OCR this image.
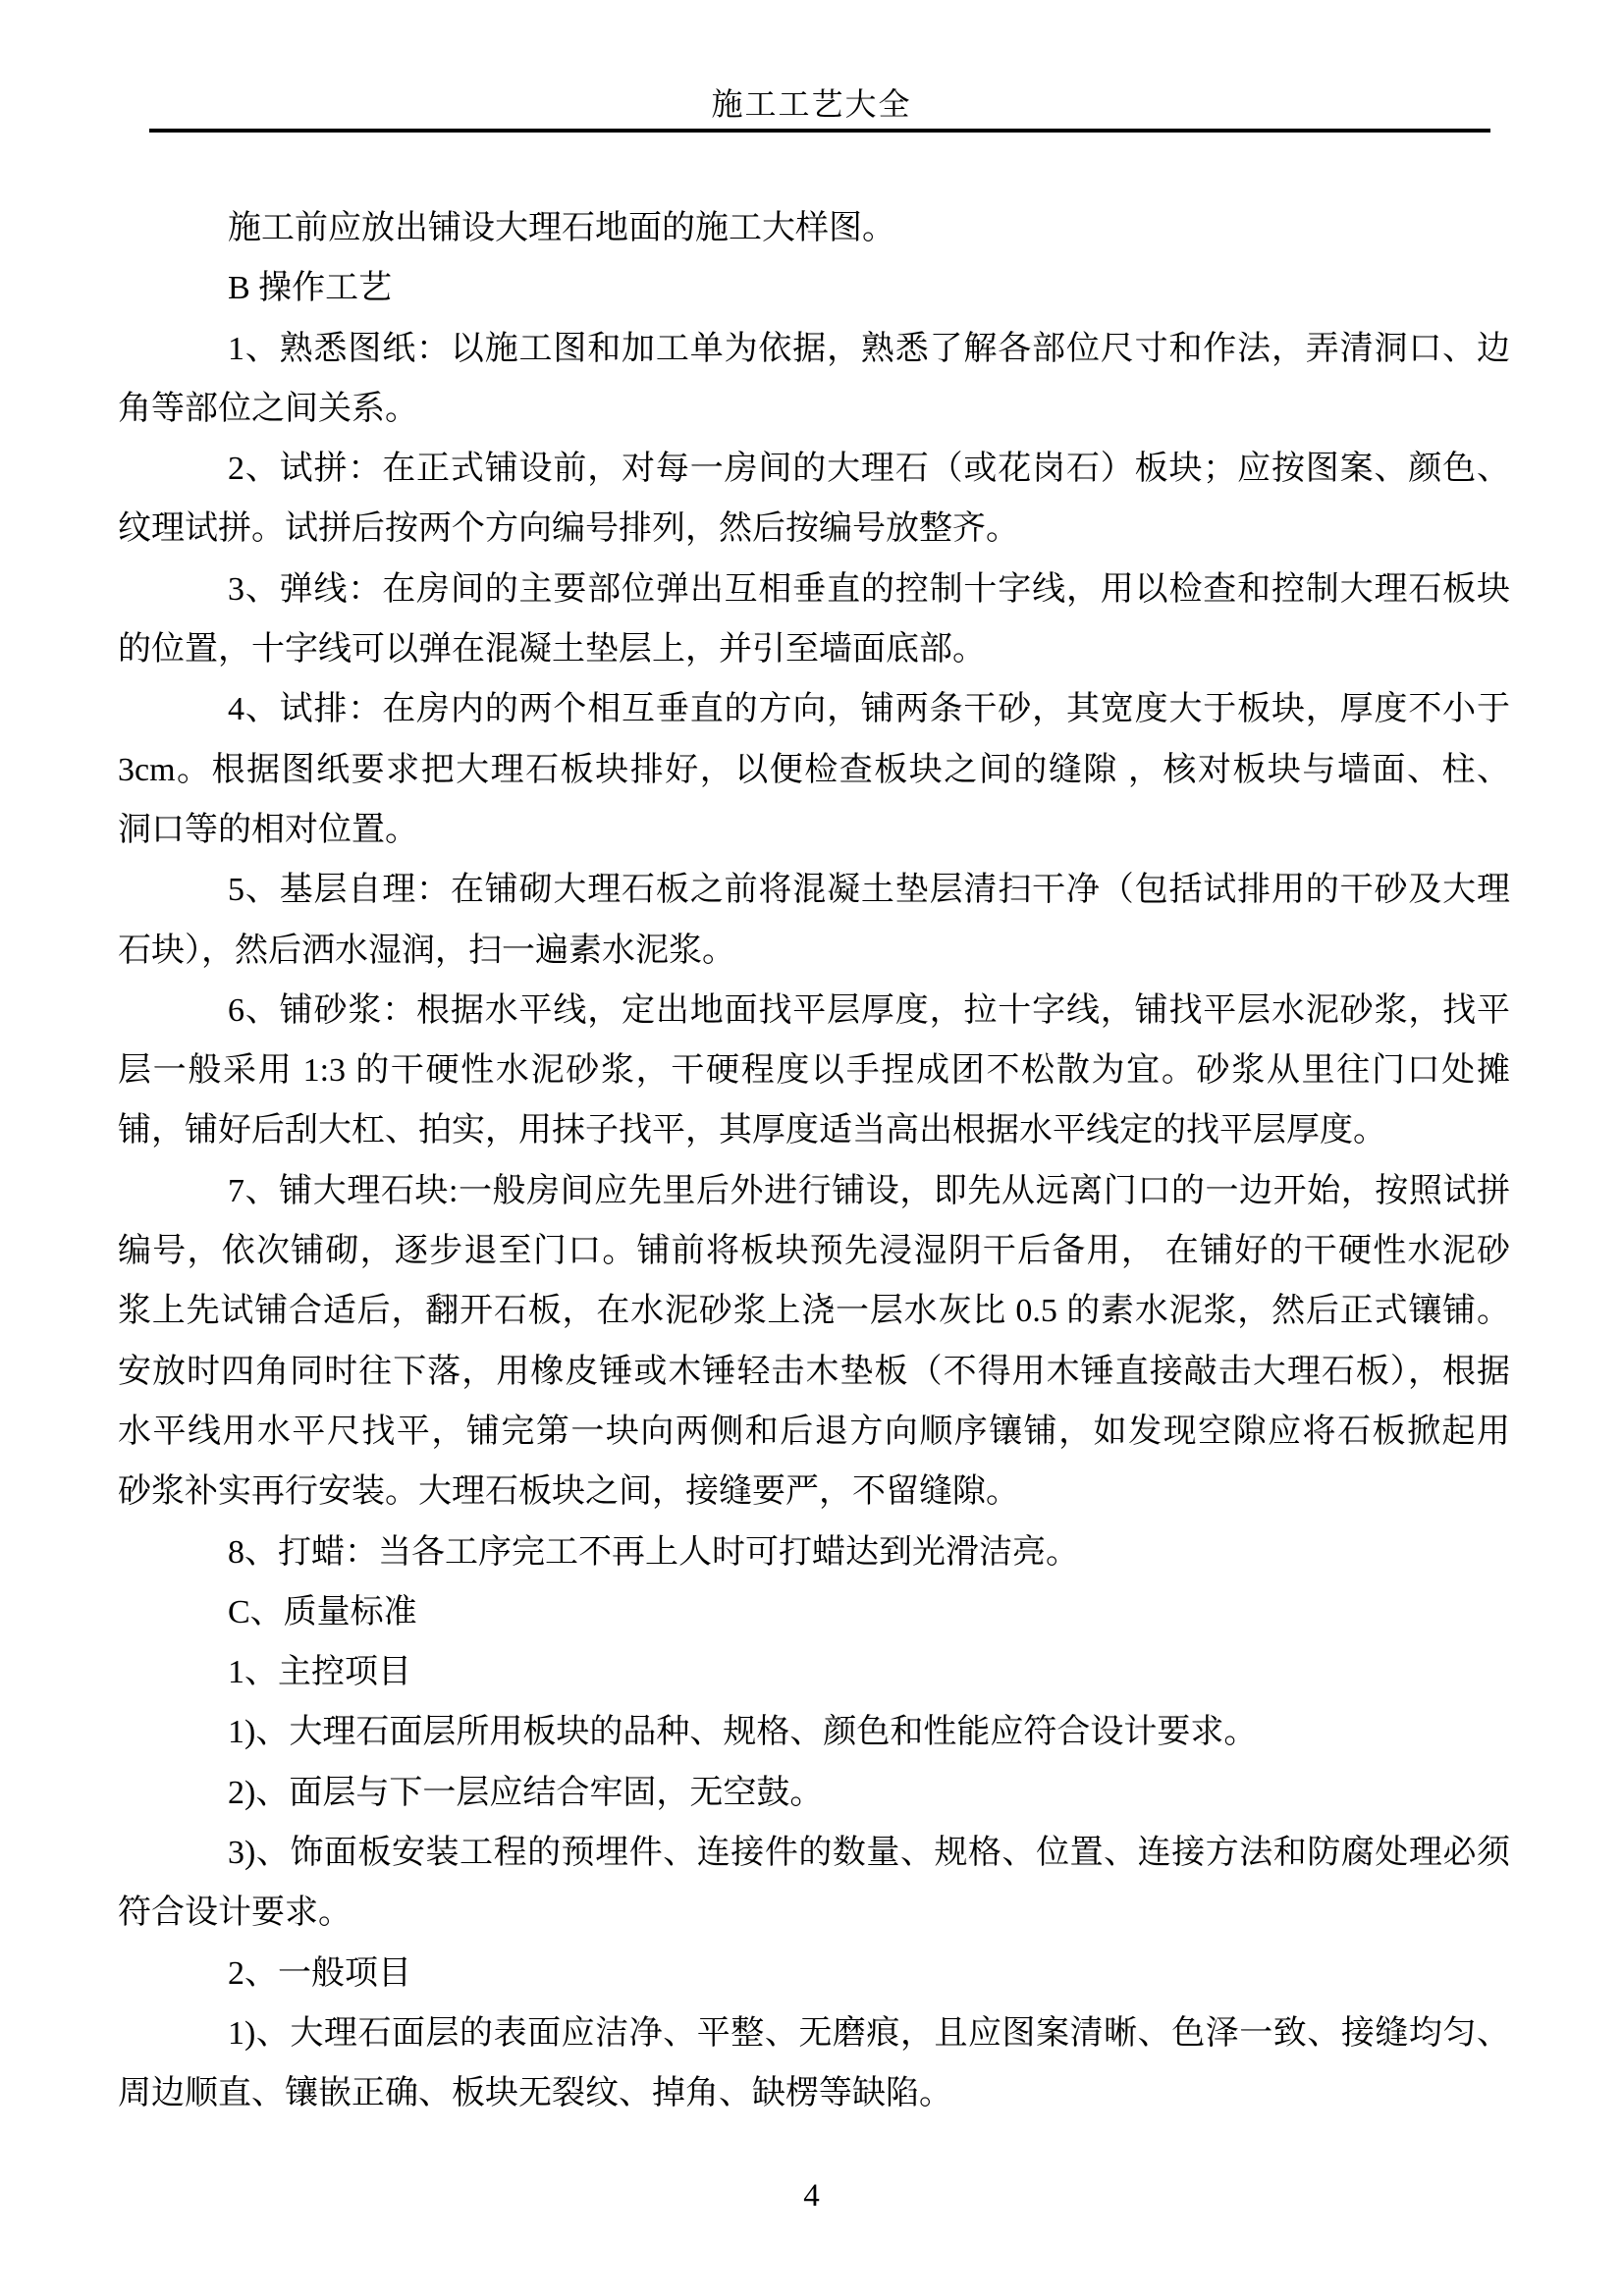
施工工艺大全
施工前应放出铺设大理石地面的施工大样图。
B 操作工艺
1、熟悉图纸：以施工图和加工单为依据，熟悉了解各部位尺寸和作法，弄清洞口、边
角等部位之间关系。
2、试拼：在正式铺设前，对每一房间的大理石（或花岗石）板块；应按图案、颜色、
纹理试拼。试拼后按两个方向编号排列，然后按编号放整齐。
3、弹线：在房间的主要部位弹出互相垂直的控制十字线，用以检查和控制大理石板块
的位置，十字线可以弹在混凝土垫层上，并引至墙面底部。
4、试排：在房内的两个相互垂直的方向，铺两条干砂，其宽度大于板块，厚度不小于
3cm。根据图纸要求把大理石板块排好，以便检查板块之间的缝隙 ，核对板块与墙面、柱、
洞口等的相对位置。
5、基层自理：在铺砌大理石板之前将混凝土垫层清扫干净（包括试排用的干砂及大理
石块），然后洒水湿润，扫一遍素水泥浆。
6、铺砂浆：根据水平线，定出地面找平层厚度，拉十字线，铺找平层水泥砂浆，找平
层一般采用 1:3 的干硬性水泥砂浆，干硬程度以手捏成团不松散为宜。砂浆从里往门口处摊
铺，铺好后刮大杠、拍实，用抹子找平，其厚度适当高出根据水平线定的找平层厚度。
7、铺大理石块:一般房间应先里后外进行铺设，即先从远离门口的一边开始，按照试拼
编号，依次铺砌，逐步退至门口。铺前将板块预先浸湿阴干后备用， 在铺好的干硬性水泥砂
浆上先试铺合适后，翻开石板，在水泥砂浆上浇一层水灰比 0.5 的素水泥浆，然后正式镶铺。
安放时四角同时往下落，用橡皮锤或木锤轻击木垫板（不得用木锤直接敲击大理石板），根据
水平线用水平尺找平，铺完第一块向两侧和后退方向顺序镶铺，如发现空隙应将石板掀起用
砂浆补实再行安装。大理石板块之间，接缝要严，不留缝隙。
8、打蜡：当各工序完工不再上人时可打蜡达到光滑洁亮。
C、质量标准
1、主控项目
1)、大理石面层所用板块的品种、规格、颜色和性能应符合设计要求。
2)、面层与下一层应结合牢固，无空鼓。
3)、饰面板安装工程的预埋件、连接件的数量、规格、位置、连接方法和防腐处理必须
符合设计要求。
2、一般项目
1)、大理石面层的表面应洁净、平整、无磨痕，且应图案清晰、色泽一致、接缝均匀、
周边顺直、镶嵌正确、板块无裂纹、掉角、缺楞等缺陷。
4
